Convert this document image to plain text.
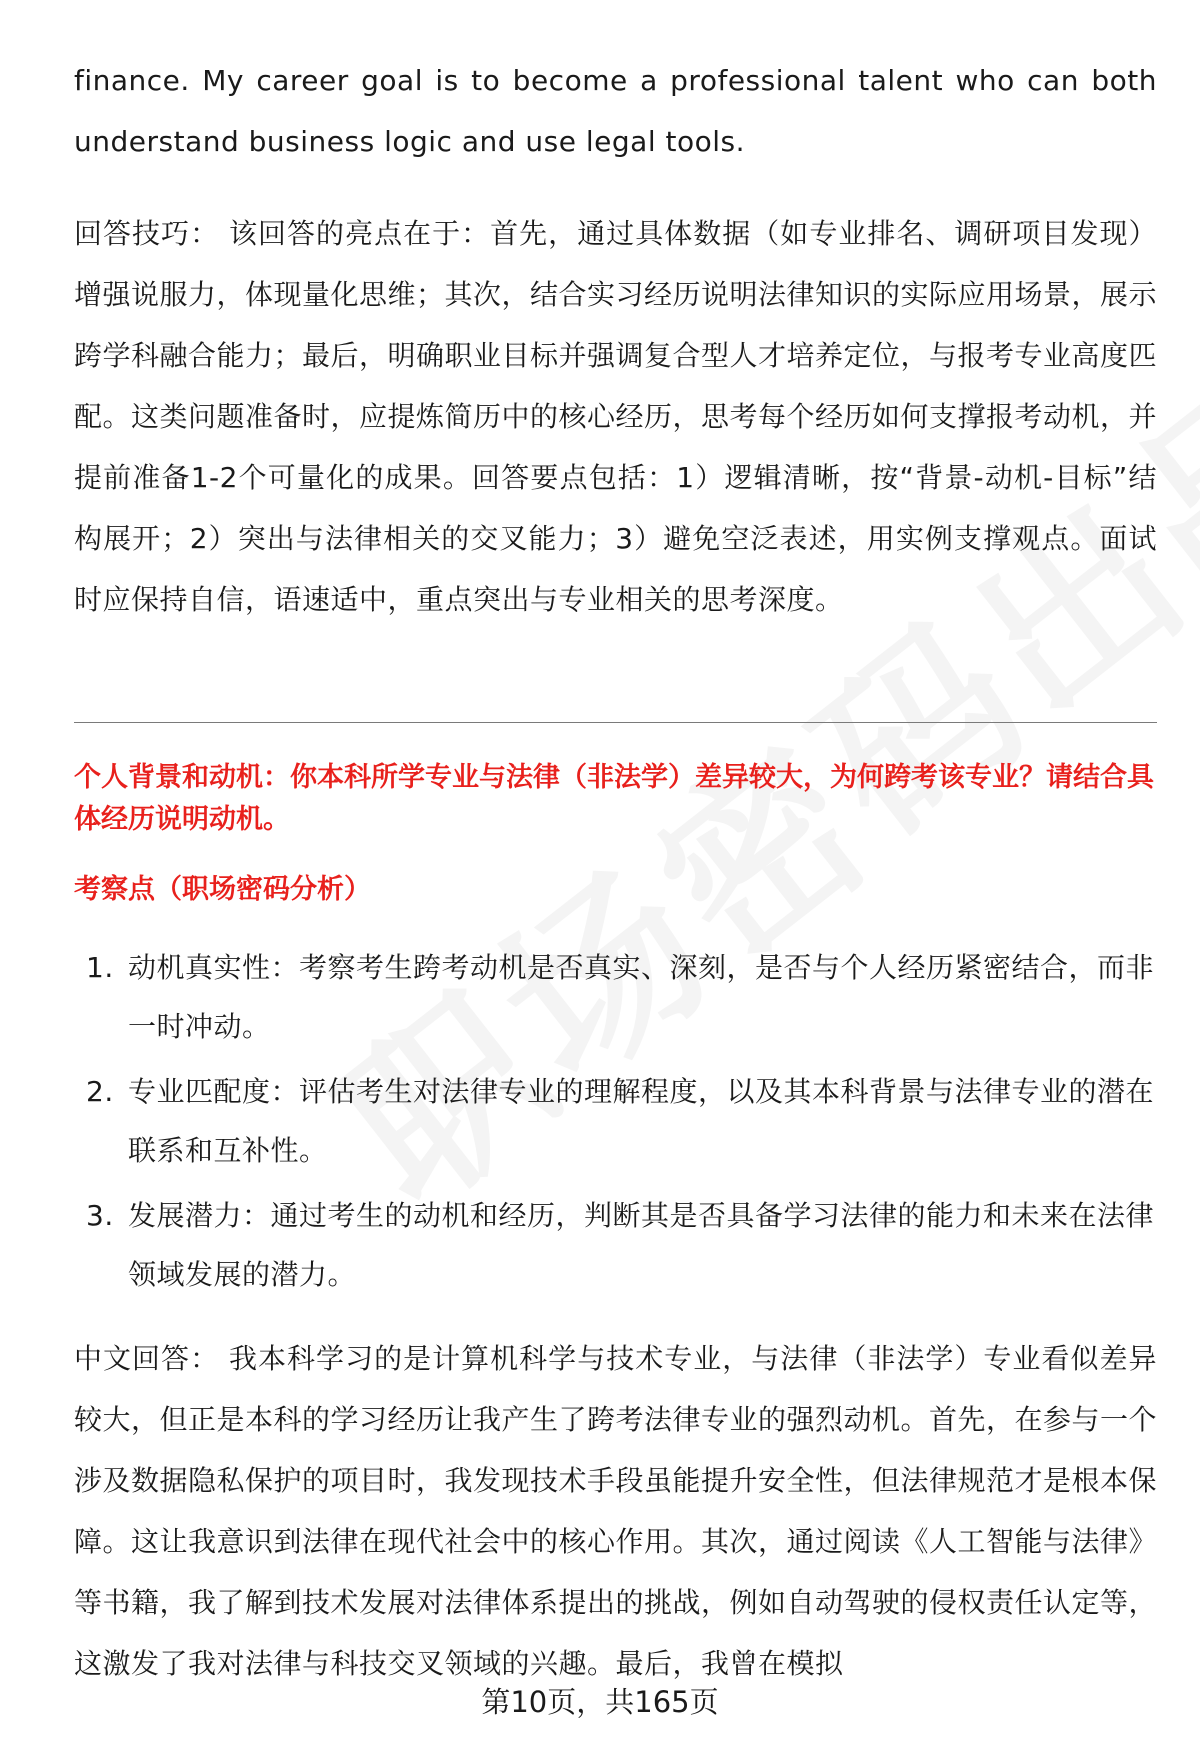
finance. My career goal is to become a professional talent who can both understand business logic and use legal tools.

回答技巧： 该回答的亮点在于：首先，通过具体数据（如专业排名、调研项目发现）增强说服力，体现量化思维；其次，结合实习经历说明法律知识的实际应用场景，展示跨学科融合能力；最后，明确职业目标并强调复合型人才培养定位，与报考专业高度匹配。这类问题准备时，应提炼简历中的核心经历，思考每个经历如何支撑报考动机，并提前准备1-2个可量化的成果。回答要点包括：1）逻辑清晰，按“背景-动机-目标”结构展开；2）突出与法律相关的交叉能力；3）避免空泛表述，用实例支撑观点。面试时应保持自信，语速适中，重点突出与专业相关的思考深度。

个人背景和动机：你本科所学专业与法律（非法学）差异较大，为何跨考该专业？请结合具体经历说明动机。

考察点（职场密码分析）

1. 动机真实性：考察考生跨考动机是否真实、深刻，是否与个人经历紧密结合，而非一时冲动。
2. 专业匹配度：评估考生对法律专业的理解程度，以及其本科背景与法律专业的潜在联系和互补性。
3. 发展潜力：通过考生的动机和经历，判断其是否具备学习法律的能力和未来在法律领域发展的潜力。

中文回答： 我本科学习的是计算机科学与技术专业，与法律（非法学）专业看似差异较大，但正是本科的学习经历让我产生了跨考法律专业的强烈动机。首先，在参与一个涉及数据隐私保护的项目时，我发现技术手段虽能提升安全性，但法律规范才是根本保障。这让我意识到法律在现代社会中的核心作用。其次，通过阅读《人工智能与法律》等书籍，我了解到技术发展对法律体系提出的挑战，例如自动驾驶的侵权责任认定等，这激发了我对法律与科技交叉领域的兴趣。最后，我曾在模拟

第10页，共165页
